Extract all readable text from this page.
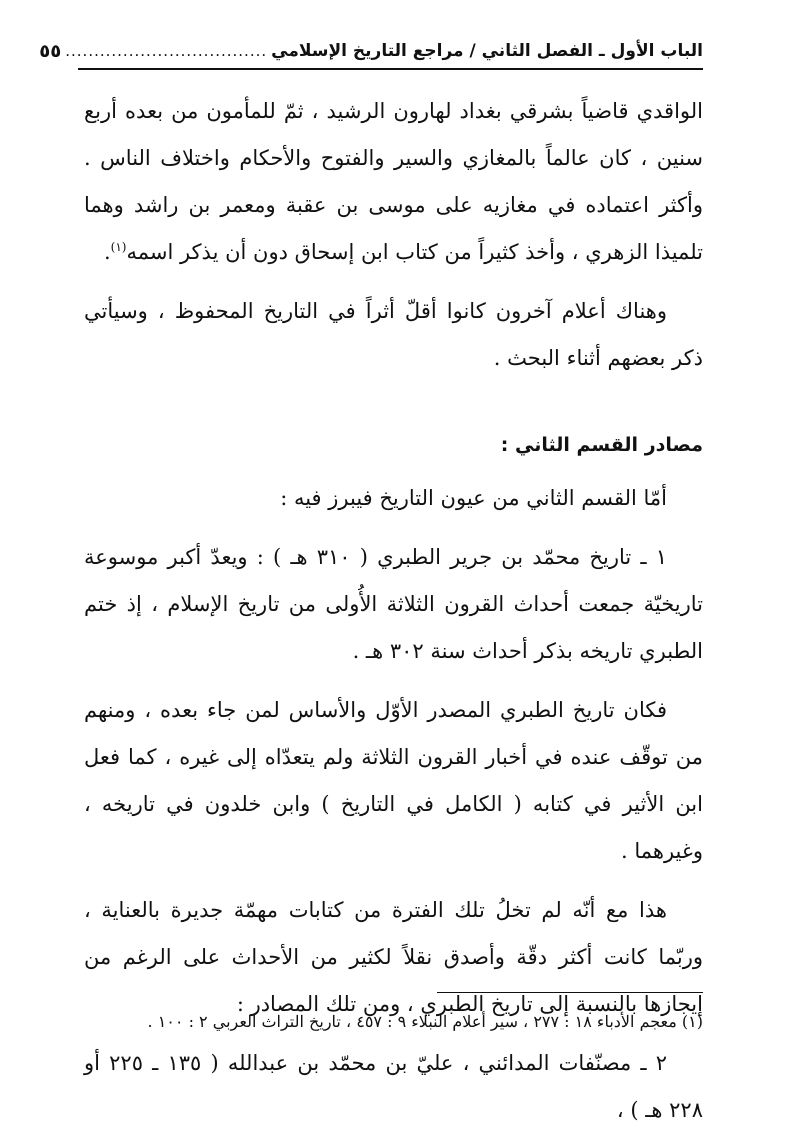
الباب الأول ـ الفصل الثاني / مراجع التاريخ الإسلامي
...................................
٥٥

الواقدي قاضياً بشرقي بغداد لهارون الرشيد ، ثمّ للمأمون من بعده أربع سنين ، كان عالماً بالمغازي والسير والفتوح والأحكام واختلاف الناس . وأكثر اعتماده في مغازيه على موسى بن عقبة ومعمر بن راشد وهما تلميذا الزهري ، وأخذ كثيراً من كتاب ابن إسحاق دون أن يذكر اسمه$^{(١)}$.

وهناك أعلام آخرون كانوا أقلّ أثراً في التاريخ المحفوظ ، وسيأتي ذكر بعضهم أثناء البحث .

مصادر القسم الثاني :

أمّا القسم الثاني من عيون التاريخ فيبرز فيه :

١ ـ تاريخ محمّد بن جرير الطبري ( ٣١٠ هـ ) : ويعدّ أكبر موسوعة تاريخيّة جمعت أحداث القرون الثلاثة الأُولى من تاريخ الإسلام ، إذ ختم الطبري تاريخه بذكر أحداث سنة ٣٠٢ هـ .

فكان تاريخ الطبري المصدر الأوّل والأساس لمن جاء بعده ، ومنهم من توقّف عنده في أخبار القرون الثلاثة ولم يتعدّاه إلى غيره ، كما فعل ابن الأثير في كتابه ( الكامل في التاريخ ) وابن خلدون في تاريخه ، وغيرهما .

هذا مع أنّه لم تخلُ تلك الفترة من كتابات مهمّة جديرة بالعناية ، وربّما كانت أكثر دقّة وأصدق نقلاً لكثير من الأحداث على الرغم من إيجازها بالنسبة إلى تاريخ الطبري ، ومن تلك المصادر :

٢ ـ مصنّفات المدائني ، عليّ بن محمّد بن عبدالله ( ١٣٥ ـ ٢٢٥ أو ٢٢٨ هـ ) ،

(١) معجم الأدباء ١٨ : ٢٧٧ ، سير أعلام النبلاء ٩ : ٤٥٧ ، تاريخ التراث العربي ٢ : ١٠٠ .
